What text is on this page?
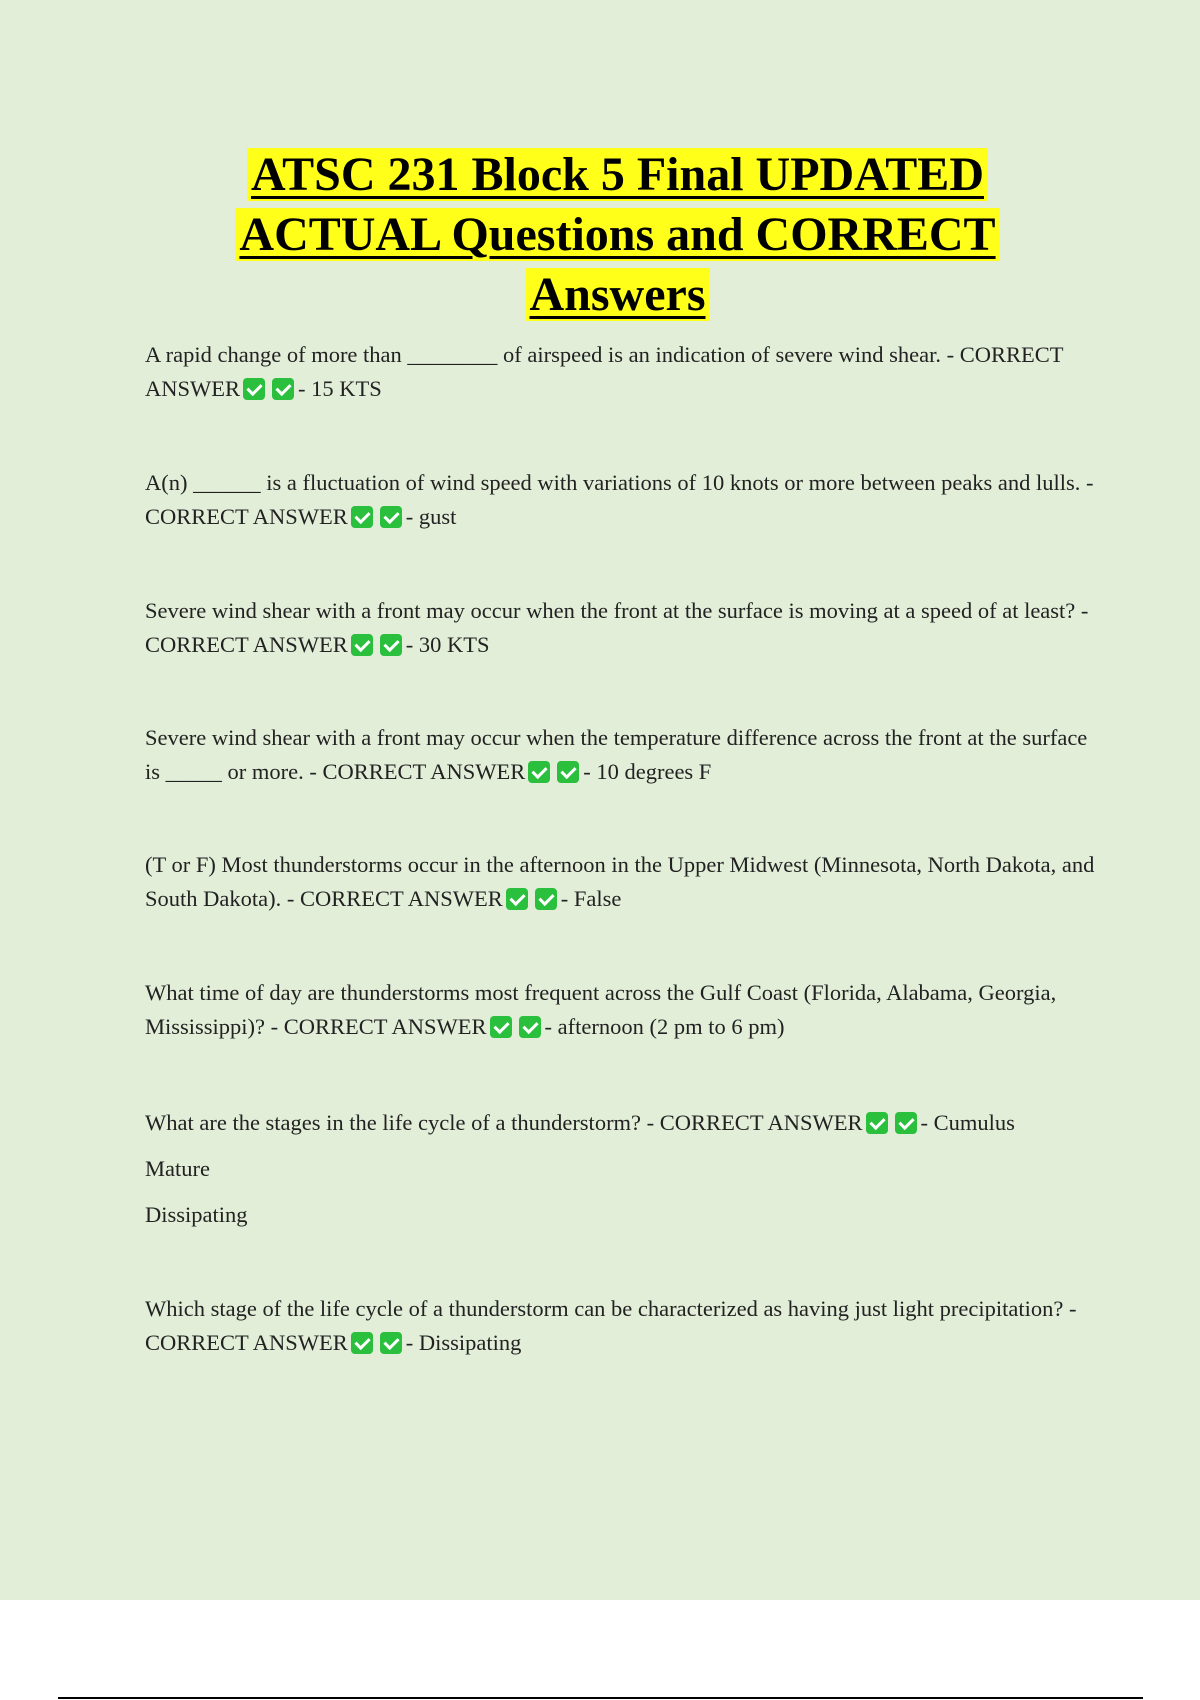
ATSC 231 Block 5 Final UPDATED
ACTUAL Questions and CORRECT
Answers
A rapid change of more than ________ of airspeed is an indication of severe wind shear. - CORRECT ANSWER	- 15 KTS
A(n) ______ is a fluctuation of wind speed with variations of 10 knots or more between peaks and lulls. - CORRECT ANSWER	- gust
Severe wind shear with a front may occur when the front at the surface is moving at a speed of at least? - CORRECT ANSWER	- 30 KTS
Severe wind shear with a front may occur when the temperature difference across the front at the surface is _____ or more. - CORRECT ANSWER	- 10 degrees F
(T or F) Most thunderstorms occur in the afternoon in the Upper Midwest (Minnesota, North Dakota, and South Dakota). - CORRECT ANSWER	- False
What time of day are thunderstorms most frequent across the Gulf Coast (Florida, Alabama, Georgia, Mississippi)? - CORRECT ANSWER	- afternoon (2 pm to 6 pm)
What are the stages in the life cycle of a thunderstorm? - CORRECT ANSWER	- Cumulus
Mature
Dissipating
Which stage of the life cycle of a thunderstorm can be characterized as having just light precipitation? - CORRECT ANSWER	- Dissipating
